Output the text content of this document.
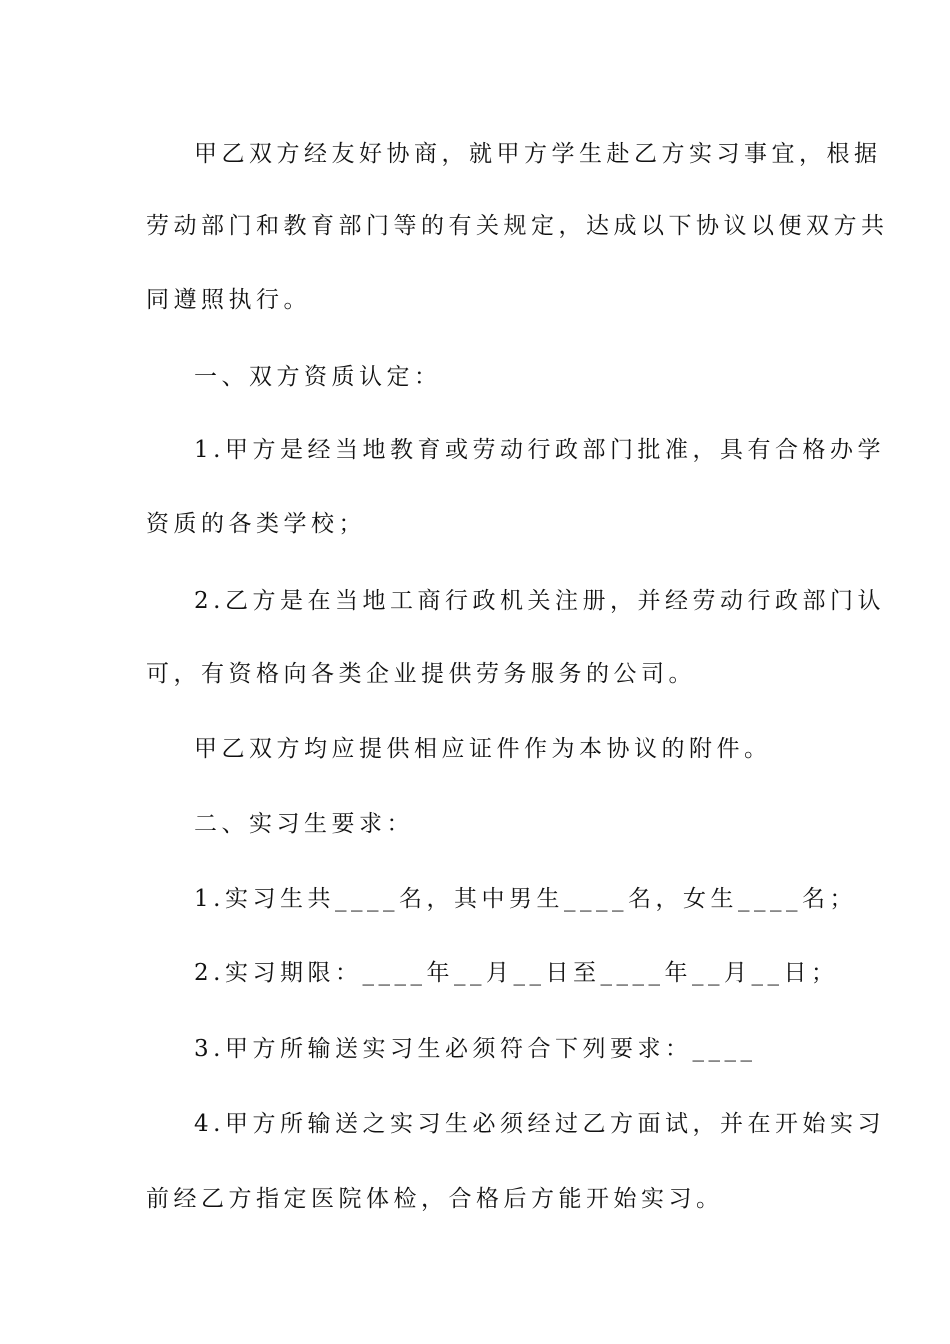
甲乙双方经友好协商，就甲方学生赴乙方实习事宜，根据
劳动部门和教育部门等的有关规定，达成以下协议以便双方共
同遵照执行。
一、双方资质认定：
1.甲方是经当地教育或劳动行政部门批准，具有合格办学
资质的各类学校；
2.乙方是在当地工商行政机关注册，并经劳动行政部门认
可，有资格向各类企业提供劳务服务的公司。
甲乙双方均应提供相应证件作为本协议的附件。
二、实习生要求：
1.实习生共____名，其中男生____名，女生____名；
2.实习期限：____年__月__日至____年__月__日；
3.甲方所输送实习生必须符合下列要求：____
4.甲方所输送之实习生必须经过乙方面试，并在开始实习
前经乙方指定医院体检，合格后方能开始实习。
